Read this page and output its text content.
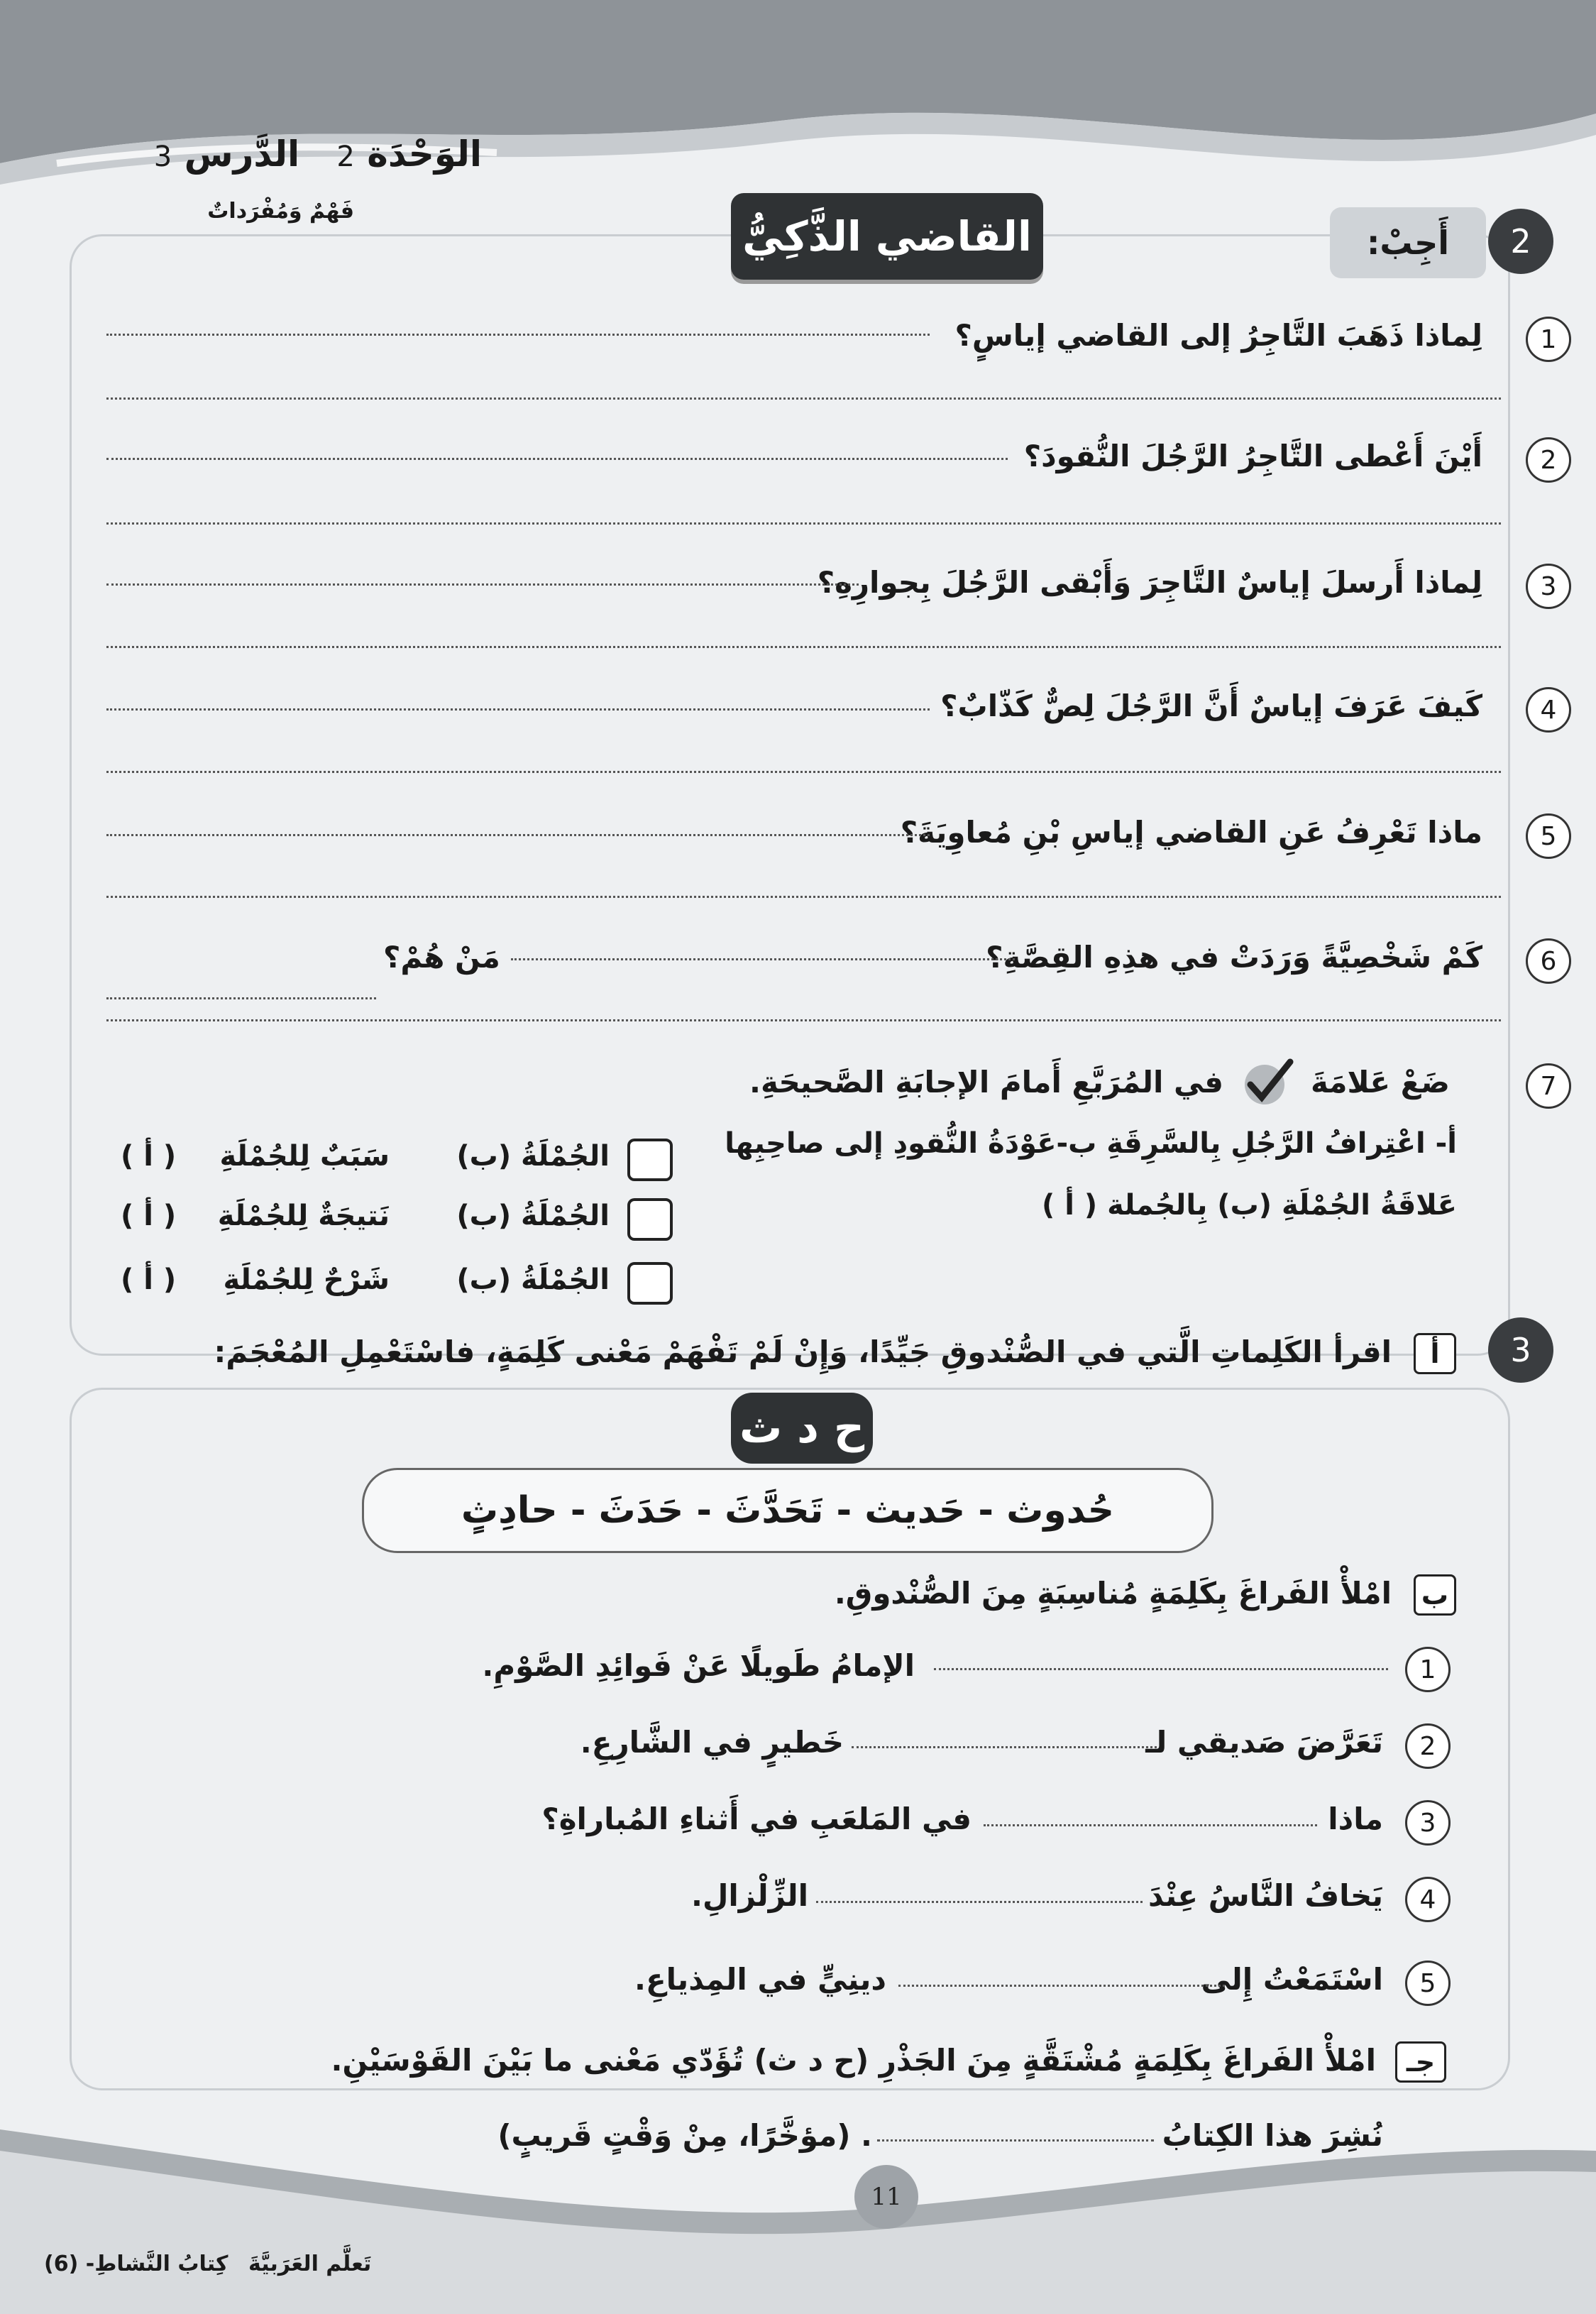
الوَحْدَة 2   الدَّرس 3
فَهْمٌ وَمُفْرَداتٌ
2
أَجِبْ:
القاضي الذَّكِيُّ
1
لِماذا ذَهَبَ التَّاجِرُ إلى القاضي إياسٍ؟
2
أَيْنَ أَعْطى التَّاجِرُ الرَّجُلَ النُّقودَ؟
3
لِماذا أَرسلَ إياسٌ التَّاجِرَ وَأَبْقى الرَّجُلَ بِجوارِهِ؟
4
كَيفَ عَرَفَ إياسٌ أَنَّ الرَّجُلَ لِصٌّ كَذّابٌ؟
5
ماذا تَعْرِفُ عَنِ القاضي إياسِ بْنِ مُعاوِيَةَ؟
6
كَمْ شَخْصِيَّةً وَرَدَتْ في هذِهِ القِصَّةِ؟
مَنْ هُمْ؟
7
ضَعْ عَلامَةَ
في المُرَبَّعِ أَمامَ الإجابَةِ الصَّحيحَةِ.
أ- اعْتِرافُ الرَّجُلِ بِالسَّرِقَةِ ب-عَوْدَةُ النُّقودِ إلى صاحِبِها
عَلاقَةُ الجُمْلَةِ (ب) بِالجُملة ( أ )
الجُمْلَةُ (ب)
سَبَبٌ لِلجُمْلَةِ
( أ )
الجُمْلَةُ (ب)
نَتيجَةٌ لِلجُمْلَةِ
( أ )
الجُمْلَةُ (ب)
شَرْحٌ لِلجُمْلَةِ
( أ )
3
أ
اقرأ الكَلِماتِ الَّتي في الصُّنْدوقِ جَيِّدًا، وَإِنْ لَمْ تَفْهَمْ مَعْنى كَلِمَةٍ، فاسْتَعْمِلِ المُعْجَمَ:
ح د ث
حُدوث - حَديث - تَحَدَّثَ - حَدَثَ - حادِثٍ
ب
امْلأْ الفَراغَ بِكَلِمَةٍ مُناسِبَةٍ مِنَ الصُّنْدوقِ.
1
الإمامُ طَويلًا عَنْ فَوائِدِ الصَّوْمِ.
2
تَعَرَّضَ صَديقي لـ
خَطيرٍ في الشَّارِعِ.
3
ماذا
في المَلعَبِ في أَثناءِ المُباراةِ؟
4
يَخافُ النَّاسُ عِنْدَ
الزِّلْزالِ.
5
اسْتَمَعْتُ إِلى
دينِيٍّ في المِذياعِ.
جـ
امْلأْ الفَراغَ بِكَلِمَةٍ مُشْتَقَّةٍ مِنَ الجَذْرِ (ح د ث) تُؤَدّي مَعْنى ما بَيْنَ القَوْسَيْنِ.
نُشِرَ هذا الكِتابُ
. (مؤخَّرًا، مِنْ وَقْتٍ قَريبٍ)
11
تَعلَّم العَرَبيَّةَ
كِتابُ النَّشاطِ- (6)
